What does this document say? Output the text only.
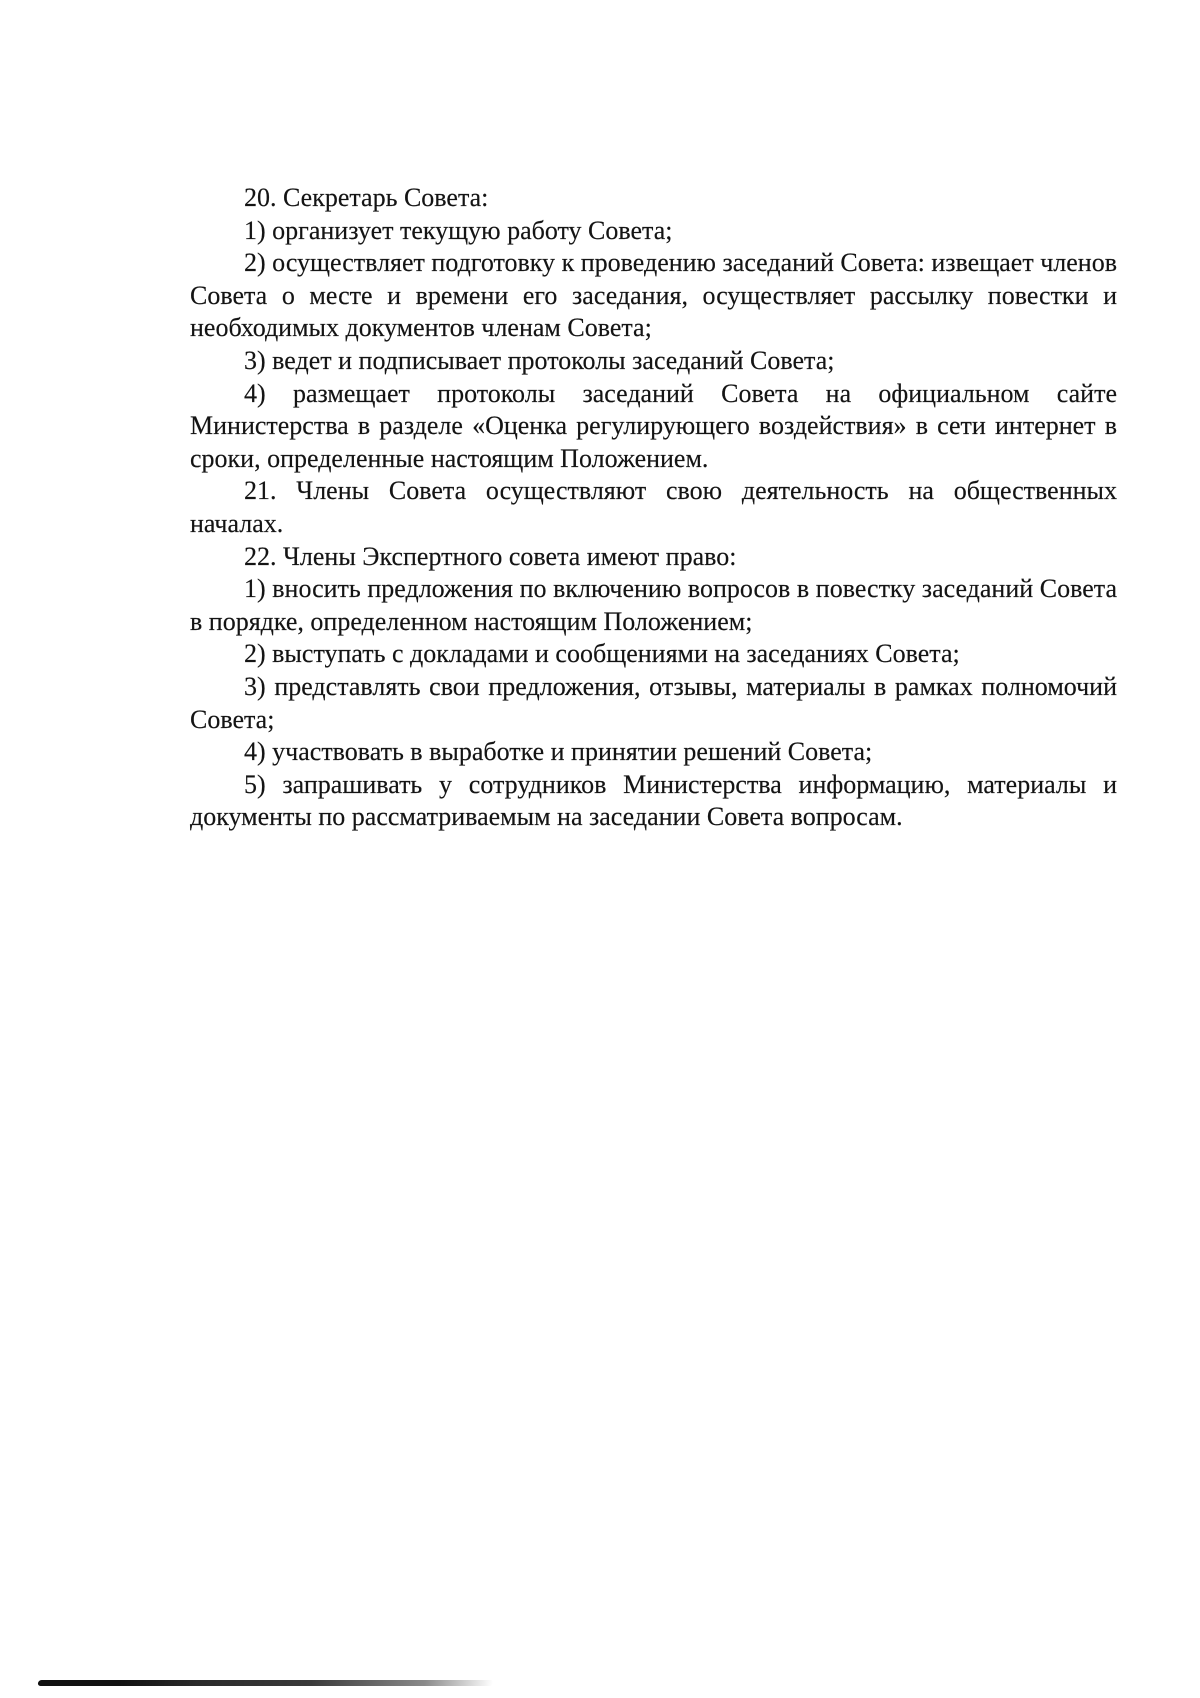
20. Секретарь Совета:

1) организует текущую работу Совета;

2) осуществляет подготовку к проведению заседаний Совета: извещает членов Совета о месте и времени его заседания, осуществляет рассылку повестки и необходимых документов членам Совета;

3) ведет и подписывает протоколы заседаний Совета;

4) размещает протоколы заседаний Совета на официальном сайте Министерства в разделе «Оценка регулирующего воздействия» в сети интернет в сроки, определенные настоящим Положением.

21. Члены Совета осуществляют свою деятельность на общественных началах.

22. Члены Экспертного совета имеют право:

1) вносить предложения по включению вопросов в повестку заседаний Совета в порядке, определенном настоящим Положением;

2) выступать с докладами и сообщениями на заседаниях Совета;

3) представлять свои предложения, отзывы, материалы в рамках полномочий Совета;

4) участвовать в выработке и принятии решений Совета;

5) запрашивать у сотрудников Министерства информацию, материалы и документы по рассматриваемым на заседании Совета вопросам.
